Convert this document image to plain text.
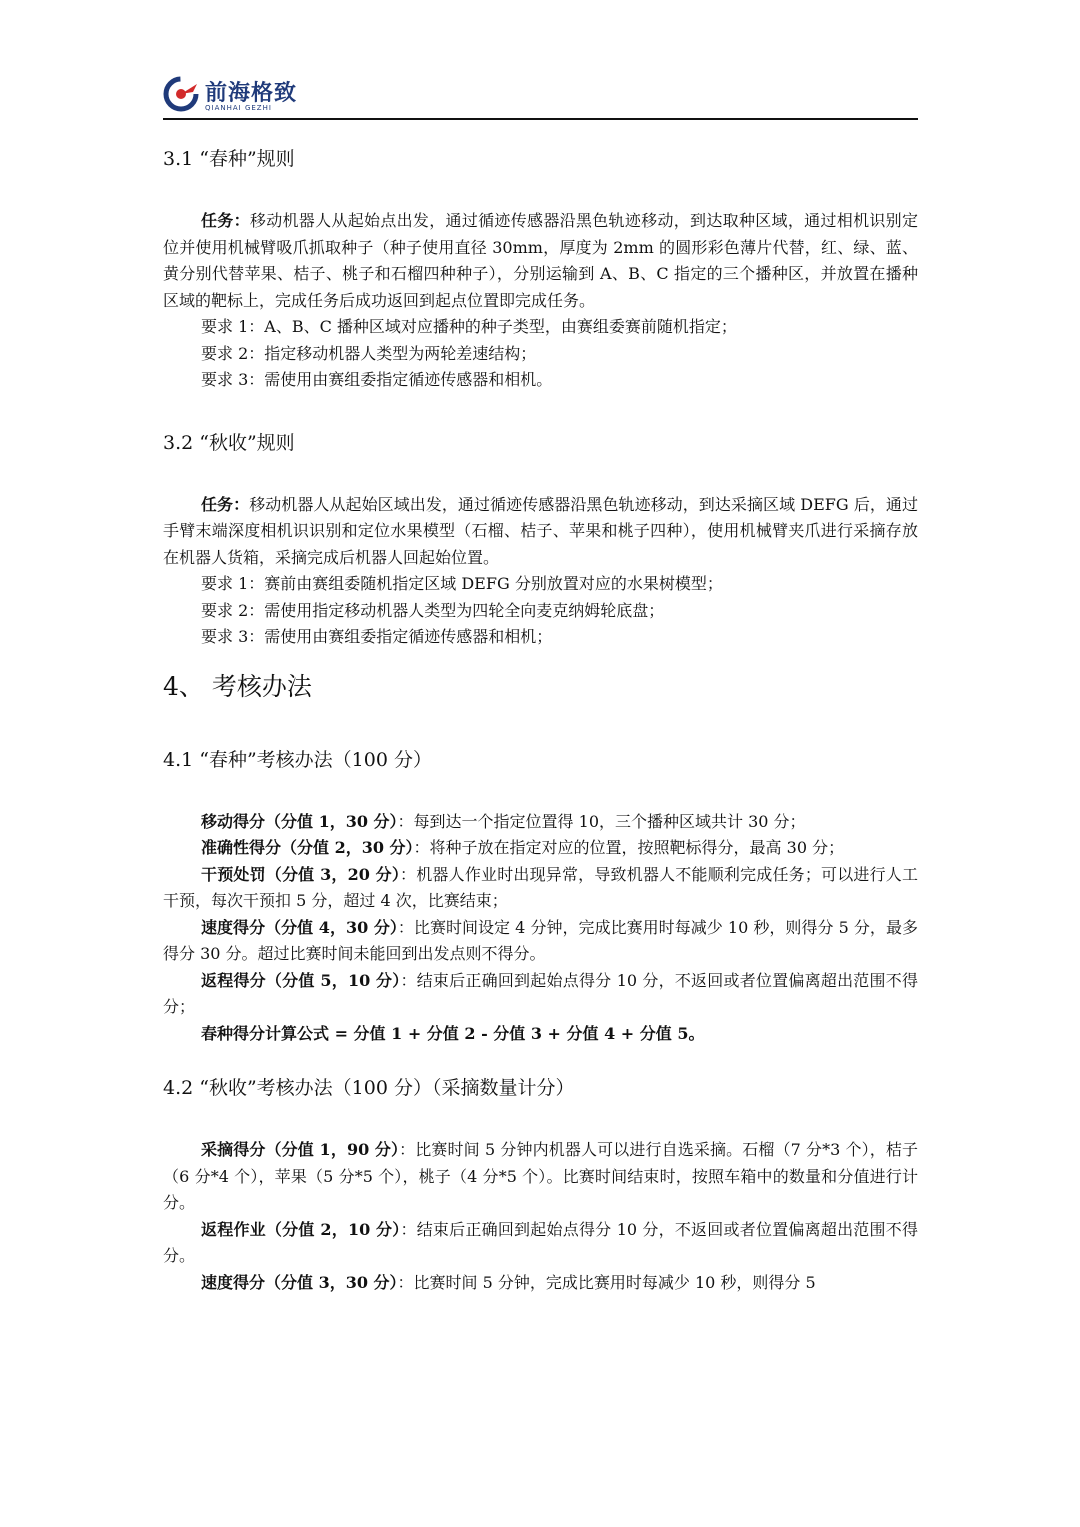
前海格致
QIANHAI GEZHI
3.1 “春种”规则

任务：移动机器人从起始点出发，通过循迹传感器沿黑色轨迹移动，到达取种区域，通过相机识别定位并使用机械臂吸爪抓取种子（种子使用直径 30mm，厚度为 2mm 的圆形彩色薄片代替，红、绿、蓝、黄分别代替苹果、桔子、桃子和石榴四种种子），分别运输到 A、B、C 指定的三个播种区，并放置在播种区域的靶标上，完成任务后成功返回到起点位置即完成任务。

要求 1：A、B、C 播种区域对应播种的种子类型，由赛组委赛前随机指定；

要求 2：指定移动机器人类型为两轮差速结构；

要求 3：需使用由赛组委指定循迹传感器和相机。

3.2 “秋收”规则

任务：移动机器人从起始区域出发，通过循迹传感器沿黑色轨迹移动，到达采摘区域 DEFG 后，通过手臂末端深度相机识识别和定位水果模型（石榴、桔子、苹果和桃子四种），使用机械臂夹爪进行采摘存放在机器人货箱，采摘完成后机器人回起始位置。

要求 1：赛前由赛组委随机指定区域 DEFG 分别放置对应的水果树模型；

要求 2：需使用指定移动机器人类型为四轮全向麦克纳姆轮底盘；

要求 3：需使用由赛组委指定循迹传感器和相机；

4、 考核办法
4.1 “春种”考核办法（100 分）

移动得分（分值 1，30 分）：每到达一个指定位置得 10，三个播种区域共计 30 分；

准确性得分（分值 2，30 分）：将种子放在指定对应的位置，按照靶标得分，最高 30 分；

干预处罚（分值 3，20 分）：机器人作业时出现异常，导致机器人不能顺利完成任务；可以进行人工干预，每次干预扣 5 分，超过 4 次，比赛结束；

速度得分（分值 4，30 分）：比赛时间设定 4 分钟，完成比赛用时每减少 10 秒，则得分 5 分，最多得分 30 分。超过比赛时间未能回到出发点则不得分。

返程得分（分值 5，10 分）：结束后正确回到起始点得分 10 分，不返回或者位置偏离超出范围不得分；

春种得分计算公式 = 分值 1 + 分值 2 - 分值 3 + 分值 4 + 分值 5。

4.2 “秋收”考核办法（100 分）（采摘数量计分）

采摘得分（分值 1，90 分）：比赛时间 5 分钟内机器人可以进行自选采摘。石榴（7 分*3 个），桔子（6 分*4 个），苹果（5 分*5 个），桃子（4 分*5 个）。比赛时间结束时，按照车箱中的数量和分值进行计分。

返程作业（分值 2，10 分）：结束后正确回到起始点得分 10 分，不返回或者位置偏离超出范围不得分。

速度得分（分值 3，30 分）：比赛时间 5 分钟，完成比赛用时每减少 10 秒，则得分 5
